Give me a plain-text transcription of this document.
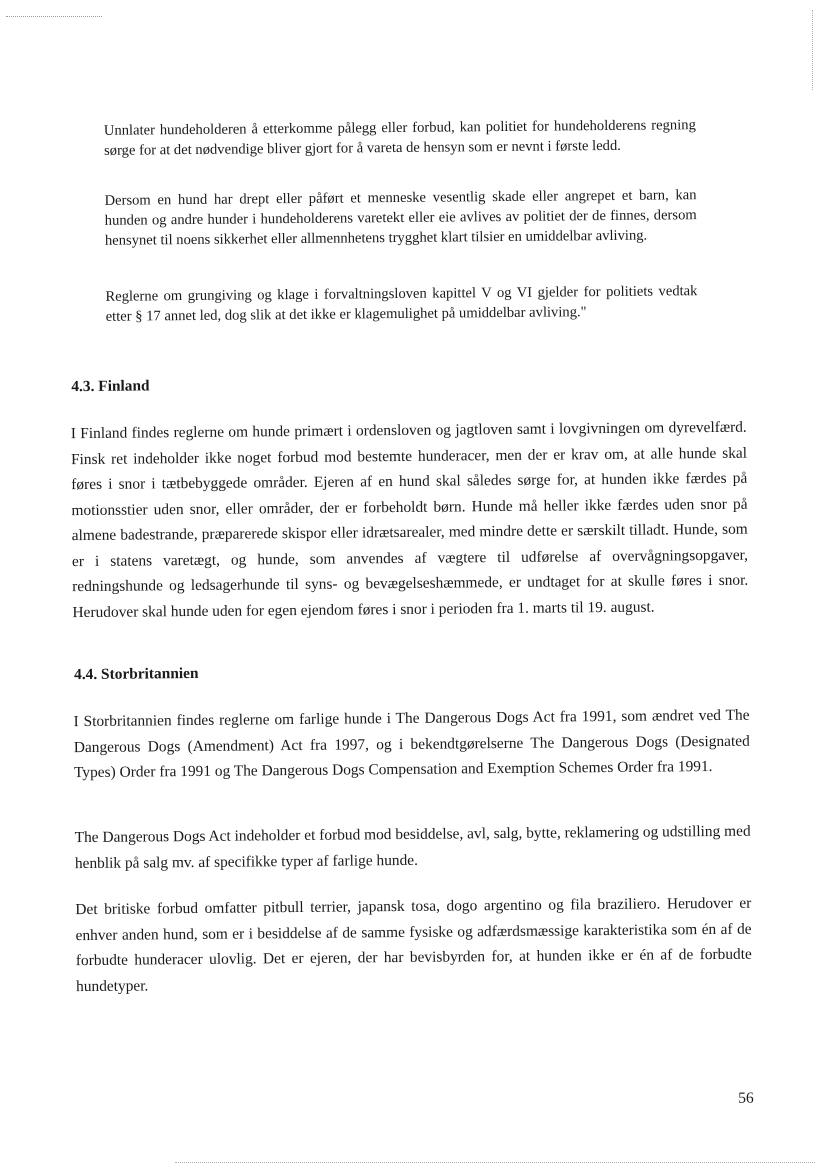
Unnlater hundeholderen å etterkomme pålegg eller forbud, kan politiet for hundeholderens regning sørge for at det nødvendige bliver gjort for å vareta de hensyn som er nevnt i første ledd.

Dersom en hund har drept eller påført et menneske vesentlig skade eller angrepet et barn, kan hunden og andre hunder i hundeholderens varetekt eller eie avlives av politiet der de finnes, dersom hensynet til noens sikkerhet eller allmennhetens trygghet klart tilsier en umiddelbar avliving.

Reglerne om grungiving og klage i forvaltningsloven kapittel V og VI gjelder for politiets vedtak etter § 17 annet led, dog slik at det ikke er klagemulighet på umiddelbar avliving."

4.3. Finland

I Finland findes reglerne om hunde primært i ordensloven og jagtloven samt i lovgivningen om dyrevelfærd. Finsk ret indeholder ikke noget forbud mod bestemte hunderacer, men der er krav om, at alle hunde skal føres i snor i tætbebyggede områder. Ejeren af en hund skal således sørge for, at hunden ikke færdes på motionsstier uden snor, eller områder, der er forbeholdt børn. Hunde må heller ikke færdes uden snor på almene badestrande, præparerede skispor eller idrætsarealer, med mindre dette er særskilt tilladt. Hunde, som er i statens varetægt, og hunde, som anvendes af vægtere til udførelse af overvågningsopgaver, redningshunde og ledsagerhunde til syns- og bevægelseshæmmede, er undtaget for at skulle føres i snor. Herudover skal hunde uden for egen ejendom føres i snor i perioden fra 1. marts til 19. august.

4.4. Storbritannien

I Storbritannien findes reglerne om farlige hunde i The Dangerous Dogs Act fra 1991, som ændret ved The Dangerous Dogs (Amendment) Act fra 1997, og i bekendtgørelserne The Dangerous Dogs (Designated Types) Order fra 1991 og The Dangerous Dogs Compensation and Exemption Schemes Order fra 1991.

The Dangerous Dogs Act indeholder et forbud mod besiddelse, avl, salg, bytte, reklamering og udstilling med henblik på salg mv. af specifikke typer af farlige hunde.

Det britiske forbud omfatter pitbull terrier, japansk tosa, dogo argentino og fila braziliero. Herudover er enhver anden hund, som er i besiddelse af de samme fysiske og adfærdsmæssige karakteristika som én af de forbudte hunderacer ulovlig. Det er ejeren, der har bevisbyrden for, at hunden ikke er én af de forbudte hundetyper.

56
